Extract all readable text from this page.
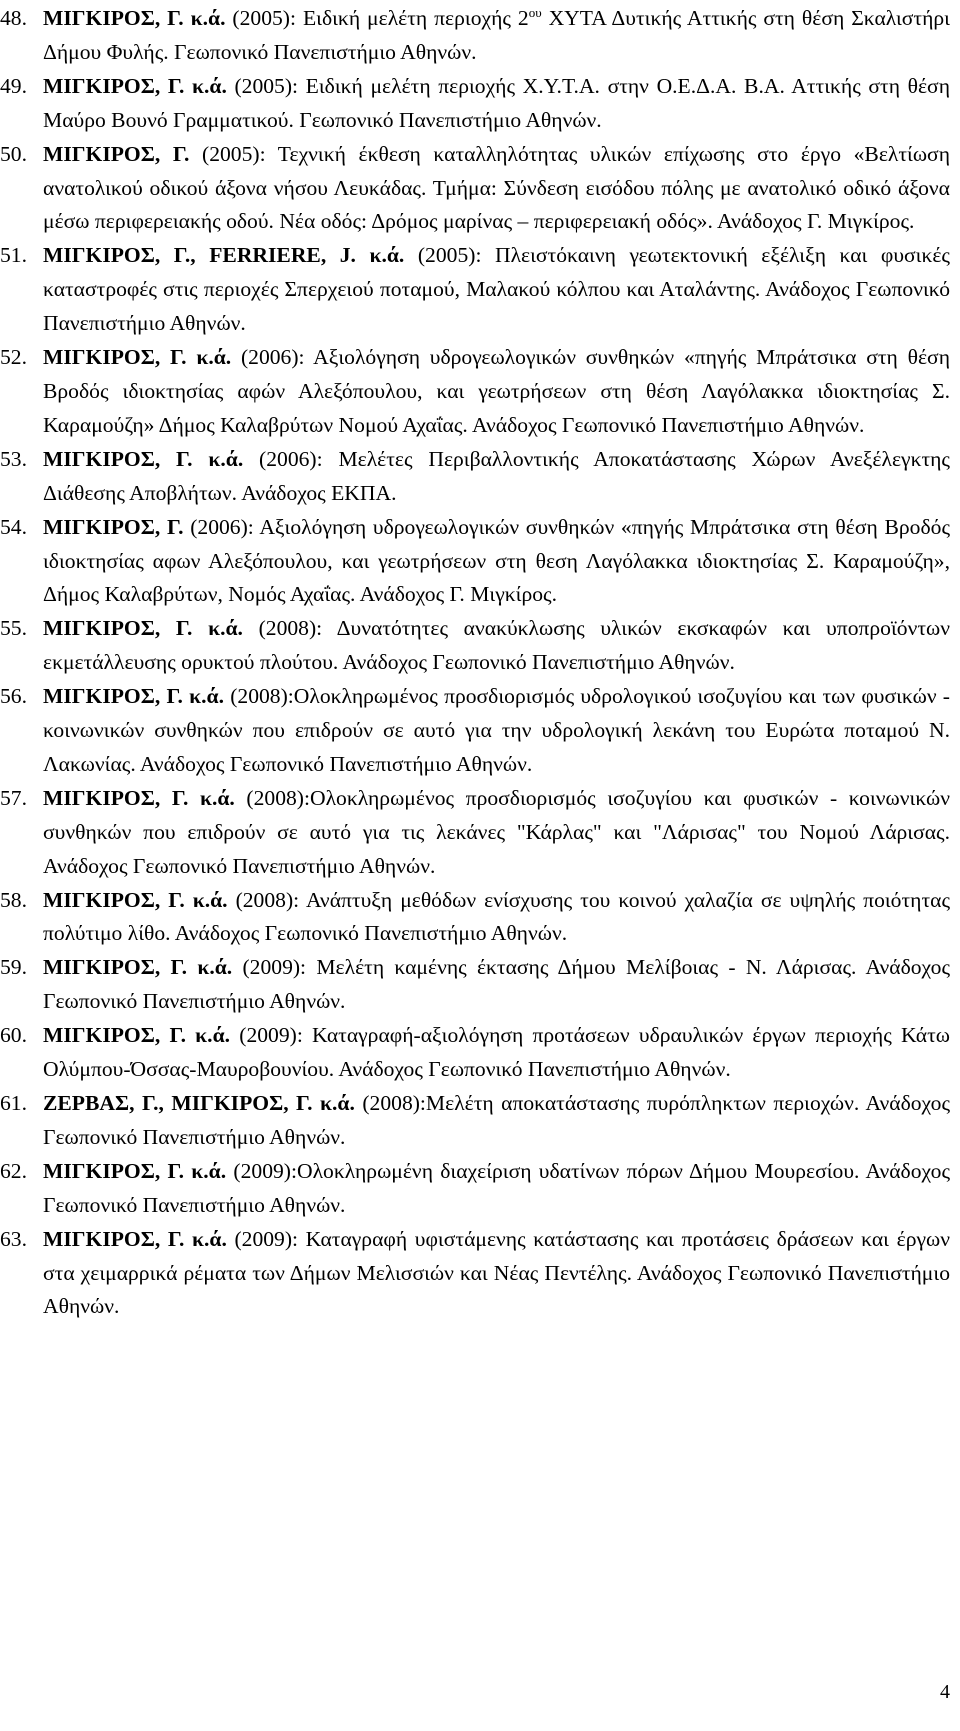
48. ΜΙΓΚΙΡΟΣ, Γ. κ.ά. (2005): Ειδική μελέτη περιοχής $2^{o\upsilon}$ ΧΥΤΑ Δυτικής Αττικής στη θέση Σκαλιστήρι Δήμου Φυλής. Γεωπονικό Πανεπιστήμιο Αθηνών.
49. ΜΙΓΚΙΡΟΣ, Γ. κ.ά. (2005): Ειδική μελέτη περιοχής Χ.Υ.Τ.Α. στην Ο.Ε.Δ.Α. Β.Α. Αττικής στη θέση Μαύρο Βουνό Γραμματικού. Γεωπονικό Πανεπιστήμιο Αθηνών.
50. ΜΙΓΚΙΡΟΣ, Γ. (2005): Τεχνική έκθεση καταλληλότητας υλικών επίχωσης στο έργο «Βελτίωση ανατολικού οδικού άξονα νήσου Λευκάδας. Τμήμα: Σύνδεση εισόδου πόλης με ανατολικό οδικό άξονα μέσω περιφερειακής οδού. Νέα οδός: Δρόμος μαρίνας – περιφερειακή οδός». Ανάδοχος Γ. Μιγκίρος.
51. ΜΙΓΚΙΡΟΣ, Γ., FERRIERE, J. κ.ά. (2005): Πλειστόκαινη γεωτεκτονική εξέλιξη και φυσικές καταστροφές στις περιοχές Σπερχειού ποταμού, Μαλακού κόλπου και Αταλάντης. Ανάδοχος Γεωπονικό Πανεπιστήμιο Αθηνών.
52. ΜΙΓΚΙΡΟΣ, Γ. κ.ά. (2006): Αξιολόγηση υδρογεωλογικών συνθηκών «πηγής Μπράτσικα στη θέση Βροδός ιδιοκτησίας αφών Αλεξόπουλου, και γεωτρήσεων στη θέση Λαγόλακκα ιδιοκτησίας Σ. Καραμούζη» Δήμος Καλαβρύτων Νομού Αχαΐας. Ανάδοχος Γεωπονικό Πανεπιστήμιο Αθηνών.
53. ΜΙΓΚΙΡΟΣ, Γ. κ.ά. (2006): Μελέτες Περιβαλλοντικής Αποκατάστασης Χώρων Ανεξέλεγκτης Διάθεσης Αποβλήτων. Ανάδοχος ΕΚΠΑ.
54. ΜΙΓΚΙΡΟΣ, Γ. (2006): Αξιολόγηση υδρογεωλογικών συνθηκών «πηγής Μπράτσικα στη θέση Βροδός ιδιοκτησίας αφων Αλεξόπουλου, και γεωτρήσεων στη θεση Λαγόλακκα ιδιοκτησίας Σ. Καραμούζη», Δήμος Καλαβρύτων, Νομός Αχαΐας. Ανάδοχος Γ. Μιγκίρος.
55. ΜΙΓΚΙΡΟΣ, Γ. κ.ά. (2008): Δυνατότητες ανακύκλωσης υλικών εκσκαφών και υποπροϊόντων εκμετάλλευσης ορυκτού πλούτου. Ανάδοχος Γεωπονικό Πανεπιστήμιο Αθηνών.
56. ΜΙΓΚΙΡΟΣ, Γ. κ.ά. (2008):Ολοκληρωμένος προσδιορισμός υδρολογικού ισοζυγίου και των φυσικών - κοινωνικών συνθηκών που επιδρούν σε αυτό για την υδρολογική λεκάνη του Ευρώτα ποταμού Ν. Λακωνίας. Ανάδοχος Γεωπονικό Πανεπιστήμιο Αθηνών.
57. ΜΙΓΚΙΡΟΣ, Γ. κ.ά. (2008):Ολοκληρωμένος προσδιορισμός ισοζυγίου και φυσικών - κοινωνικών συνθηκών που επιδρούν σε αυτό για τις λεκάνες "Κάρλας" και "Λάρισας" του Νομού Λάρισας. Ανάδοχος Γεωπονικό Πανεπιστήμιο Αθηνών.
58. ΜΙΓΚΙΡΟΣ, Γ. κ.ά. (2008): Ανάπτυξη μεθόδων ενίσχυσης του κοινού χαλαζία σε υψηλής ποιότητας πολύτιμο λίθο. Ανάδοχος Γεωπονικό Πανεπιστήμιο Αθηνών.
59. ΜΙΓΚΙΡΟΣ, Γ. κ.ά. (2009): Μελέτη καμένης έκτασης Δήμου Μελίβοιας - Ν. Λάρισας. Ανάδοχος Γεωπονικό Πανεπιστήμιο Αθηνών.
60. ΜΙΓΚΙΡΟΣ, Γ. κ.ά. (2009): Καταγραφή-αξιολόγηση προτάσεων υδραυλικών έργων περιοχής Κάτω Ολύμπου-Όσσας-Μαυροβουνίου. Ανάδοχος Γεωπονικό Πανεπιστήμιο Αθηνών.
61. ΖΕΡΒΑΣ, Γ., ΜΙΓΚΙΡΟΣ, Γ. κ.ά. (2008):Μελέτη αποκατάστασης πυρόπληκτων περιοχών. Ανάδοχος Γεωπονικό Πανεπιστήμιο Αθηνών.
62. ΜΙΓΚΙΡΟΣ, Γ. κ.ά. (2009):Ολοκληρωμένη διαχείριση υδατίνων πόρων Δήμου Μουρεσίου. Ανάδοχος Γεωπονικό Πανεπιστήμιο Αθηνών.
63. ΜΙΓΚΙΡΟΣ, Γ. κ.ά. (2009): Καταγραφή υφιστάμενης κατάστασης και προτάσεις δράσεων και έργων στα χειμαρρικά ρέματα των Δήμων Μελισσιών και Νέας Πεντέλης. Ανάδοχος Γεωπονικό Πανεπιστήμιο Αθηνών.
4
